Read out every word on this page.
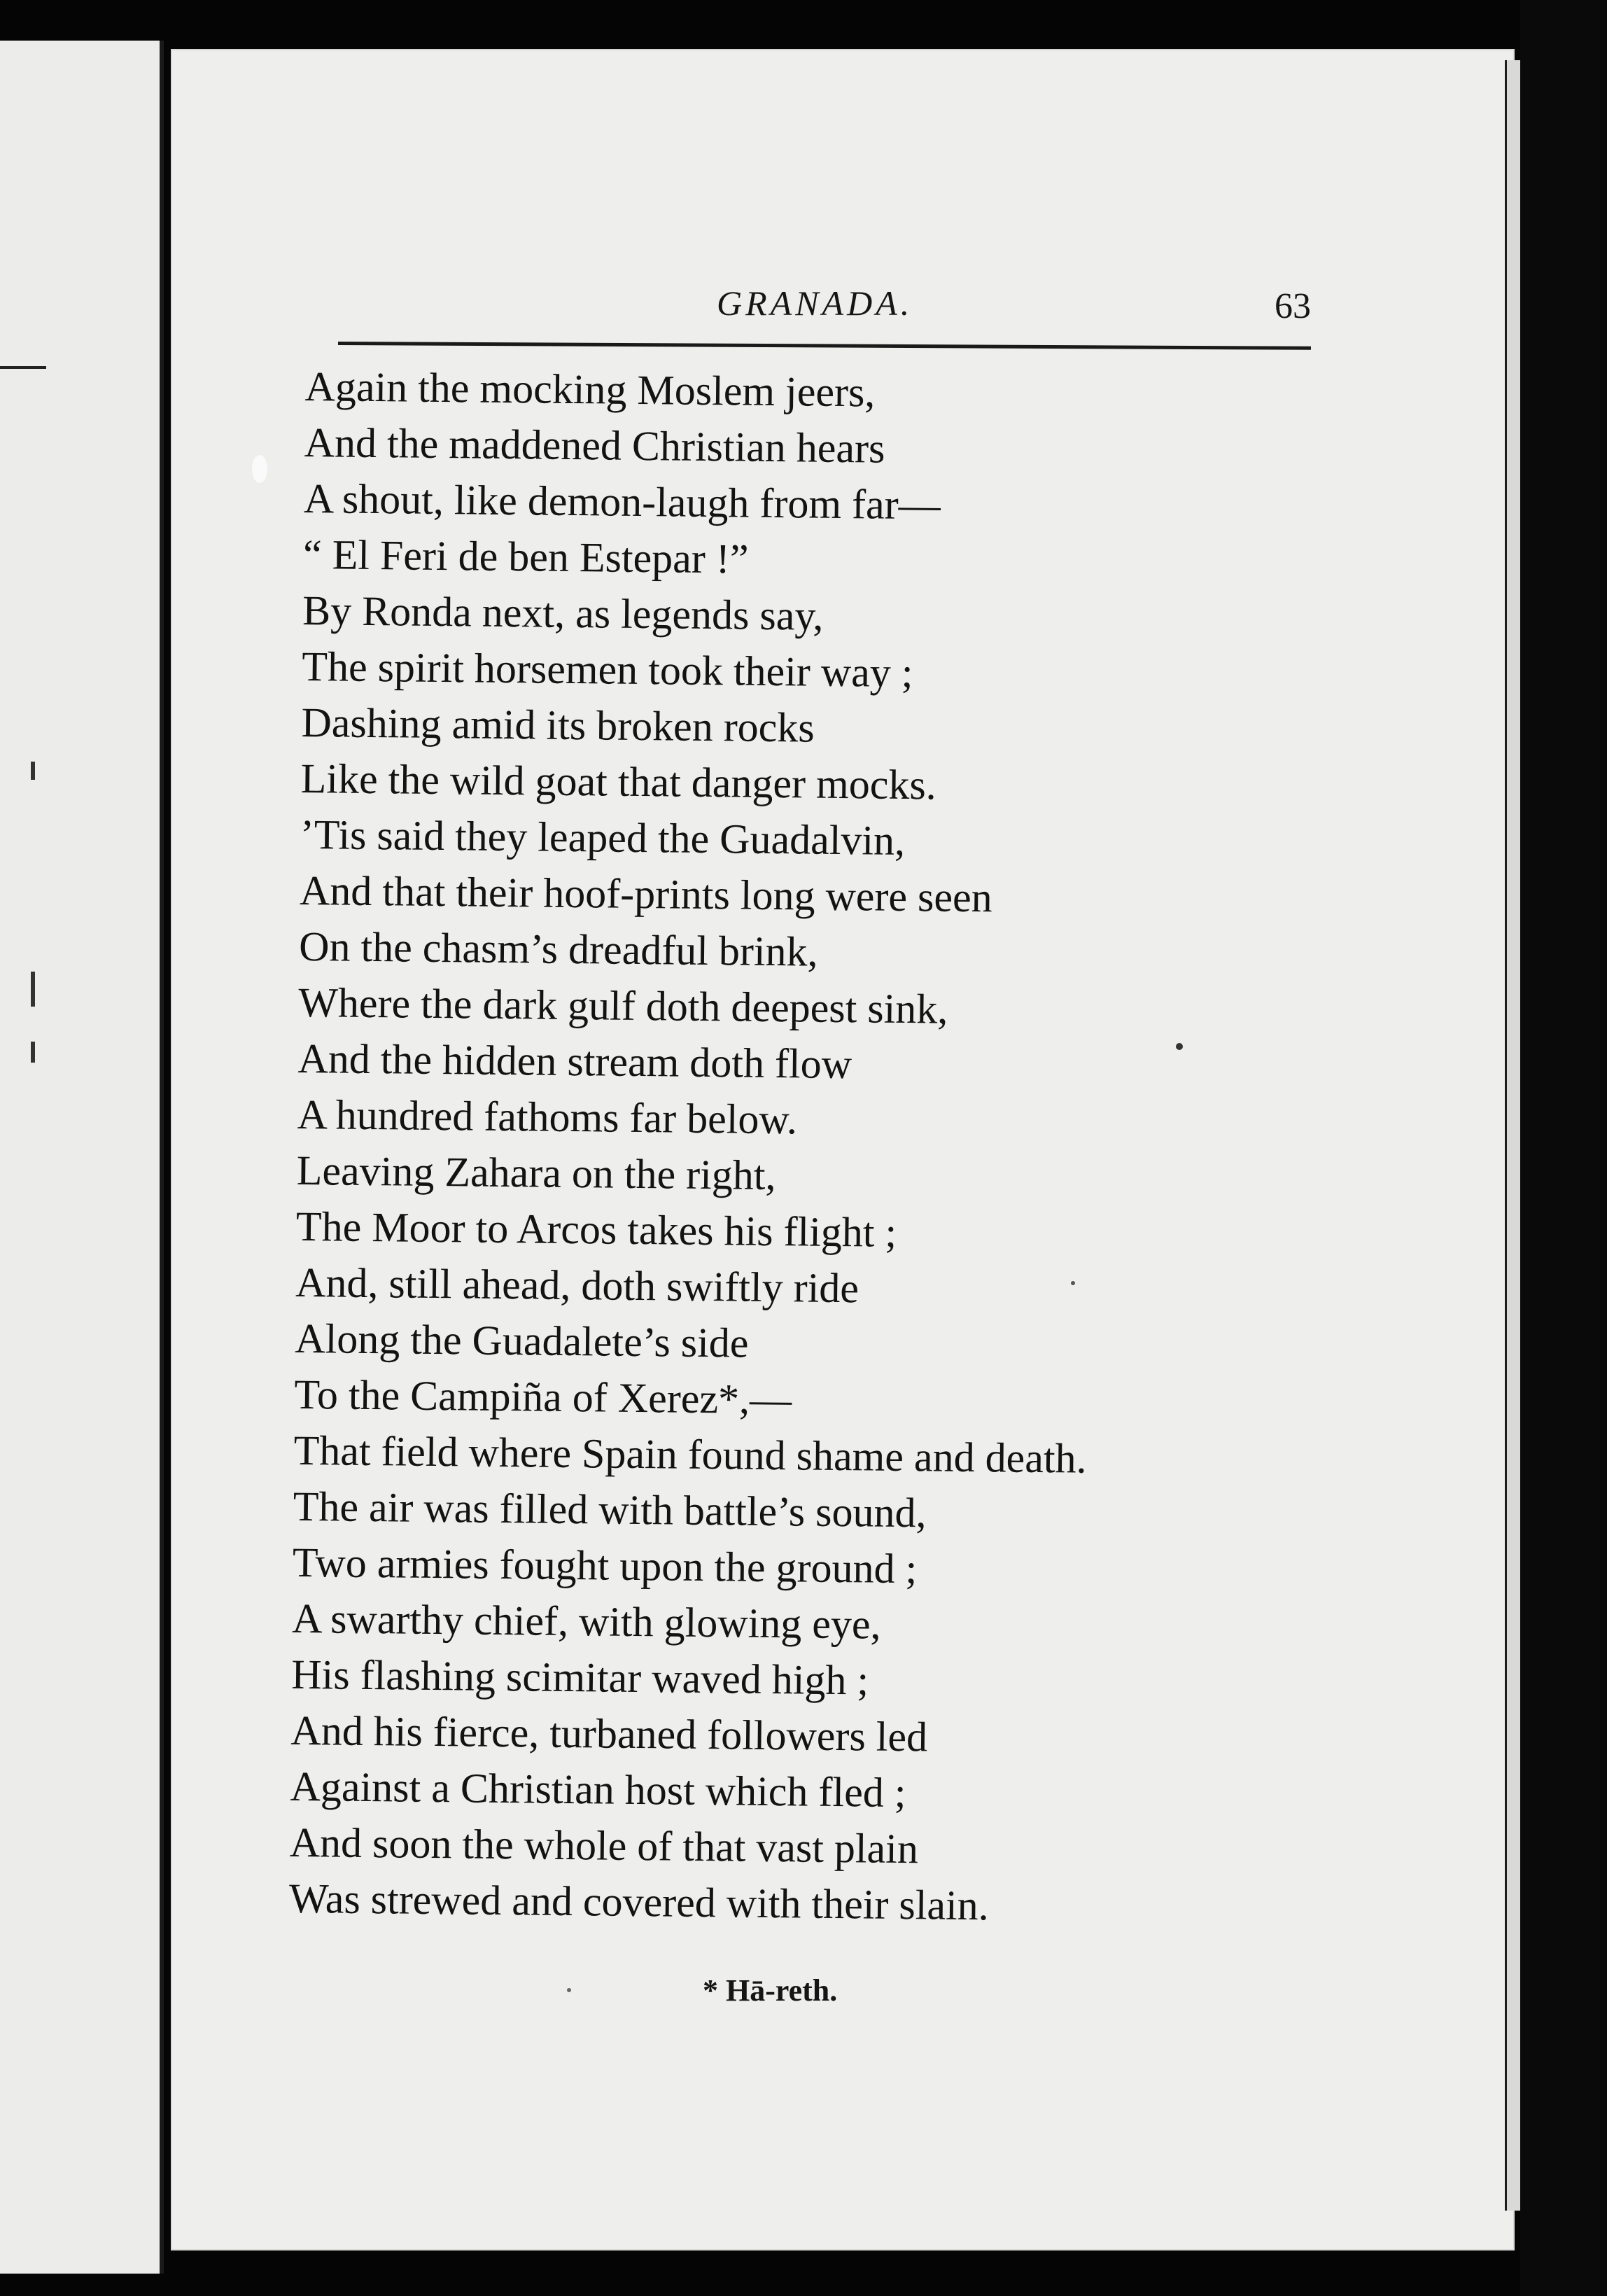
GRANADA.	63
Again the mocking Moslem jeers,
And the maddened Christian hears
A shout, like demon-laugh from far—
“ El Feri de ben Estepar !”
By Ronda next, as legends say,
The spirit horsemen took their way ;
Dashing amid its broken rocks
Like the wild goat that danger mocks.
’Tis said they leaped the Guadalvin,
And that their hoof-prints long were seen
On the chasm’s dreadful brink,
Where the dark gulf doth deepest sink,
And the hidden stream doth flow
A hundred fathoms far below.
Leaving Zahara on the right,
The Moor to Arcos takes his flight ;
And, still ahead, doth swiftly ride
Along the Guadalete’s side
To the Campiña of Xerez*,—
That field where Spain found shame and death.
The air was filled with battle’s sound,
Two armies fought upon the ground ;
A swarthy chief, with glowing eye,
His flashing scimitar waved high ;
And his fierce, turbaned followers led
Against a Christian host which fled ;
And soon the whole of that vast plain
Was strewed and covered with their slain.
* Hā-reth.
